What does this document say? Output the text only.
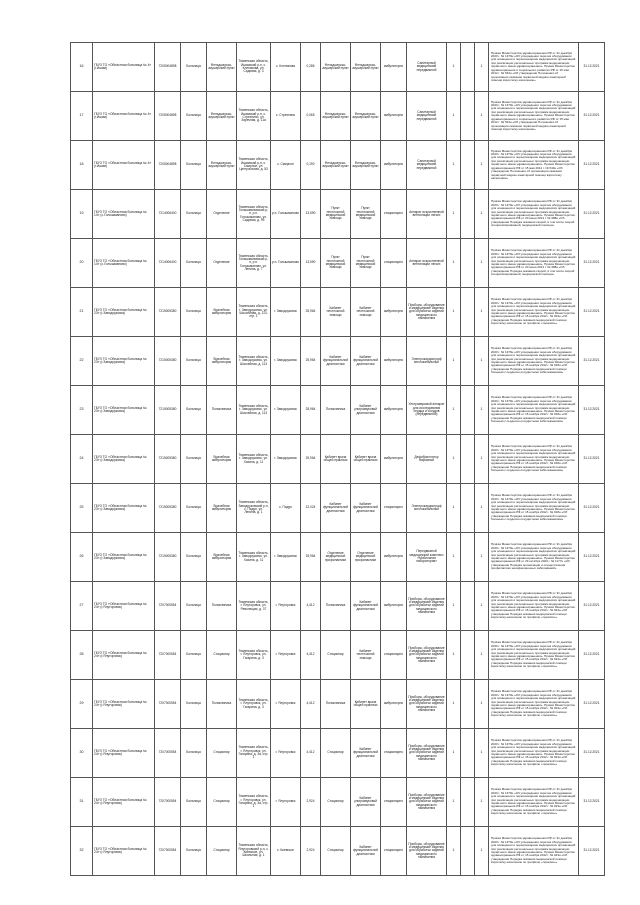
16	ГБУЗ ТО «Областная больница № 4» (г.Ишим)	7205004898	Больница	Фельдшерско-акушерский пункт	Тюменская область, Ишимский р-н, с. Клепикова, ул. Садовая, д. 3	с. Клепикова	0,286	Фельдшерско-акушерский пункт	Фельдшерско-акушерский пункт	амбулаторно	Санитарный медицинский передвижной	1		1	Приказ Министерства здравоохранения РФ от 31 декабря 2020 г. № 1379н «Об утверждении перечня оборудования для оснащения и переоснащения медицинских организаций при реализации региональных программ модернизации первичного звена здравоохранения». Приказ Министерства здравоохранения и социального развития РФ от 15 мая 2012 г. № 543н «Об утверждении Положения об организации оказания первичной медико-санитарной помощи взрослому населению»	31.12.2021
17	ГБУЗ ТО «Областная больница № 4» (г.Ишим)	7205004898	Больница	Фельдшерско-акушерский пункт	Тюменская область, Ишимский р-н, с. Стрехнино, ул. Заречная, д. 11а	с. Стрехнино	0,065	Фельдшерско-акушерский пункт	Фельдшерско-акушерский пункт	амбулаторно	Санитарный медицинский передвижной	1		1	Приказ Министерства здравоохранения РФ от 31 декабря 2020 г. № 1379н «Об утверждении перечня оборудования для оснащения и переоснащения медицинских организаций при реализации региональных программ модернизации первичного звена здравоохранения». Приказ Министерства здравоохранения и социального развития РФ от 15 мая 2012 г. № 543н «Об утверждении Положения об организации оказания первичной медико-санитарной помощи взрослому населению»	31.12.2021
18	ГБУЗ ТО «Областная больница № 4» (г.Ишим)	7205004898	Больница	Фельдшерско-акушерский пункт	Тюменская область, Ишимский р-н, с. Смирное, ул. Центральная, д. 53	с. Смирное	0,190	Фельдшерско-акушерский пункт	Фельдшерско-акушерский пункт	амбулаторно	Санитарный медицинский передвижной	1		1	Приказ Министерства здравоохранения РФ от 31 декабря 2020 г. № 1379н «Об утверждении перечня оборудования для оснащения и переоснащения медицинских организаций при реализации региональных программ модернизации первичного звена здравоохранения». Приказ Министерства здравоохранения РФ от 15 мая 2012 г. № 543н «Об утверждении Положения об организации оказания первичной медико-санитарной помощи взрослому населению»	31.12.2021
19	ГБУЗ ТО «Областная больница № 14» (с.Голышманово)	7214006400	Больница	Отделение	Тюменская область, Голышмановский р-н, р.п. Голышманово, ул. Садовая, д. 99	р.п. Голышманово	13,590	Пункт неотложной медицинской помощи	Пункт неотложной медицинской помощи	стационарно	Аппарат искусственной вентиляции легких	1		1	Приказ Министерства здравоохранения РФ от 31 декабря 2020 г. № 1379н «Об утверждении перечня оборудования для оснащения и переоснащения медицинских организаций при реализации региональных программ модернизации первичного звена здравоохранения». Приказ Министерства здравоохранения РФ от 20 июня 2013 г. № 388н «Об утверждении Порядка оказания скорой, в том числе скорой специализированной, медицинской помощи»	31.12.2021
20	ГБУЗ ТО «Областная больница № 14» (с.Голышманово)	7214006400	Больница	Отделение	Тюменская область, Голышмановский р-н, р.п. Голышманово, ул. Ленина, д. 7	р.п. Голышманово	13,590	Пункт неотложной медицинской помощи	Пункт неотложной медицинской помощи	стационарно	Аппарат искусственной вентиляции легких	1		1	Приказ Министерства здравоохранения РФ от 31 декабря 2020 г. № 1379н «Об утверждении перечня оборудования для оснащения и переоснащения медицинских организаций при реализации региональных программ модернизации первичного звена здравоохранения». Приказ Министерства здравоохранения РФ от 20 июня 2013 г. № 388н «Об утверждении Порядка оказания скорой, в том числе скорой специализированной, медицинской помощи»	31.12.2021
21	ГБУЗ ТО «Областная больница № 23» (г.Заводоуковск)	7215005380	Больница	Врачебная амбулатория	Тюменская область, г. Заводоуковск, ул. Шоссейная, д. 113, стр. 1	г. Заводоуковск	25,964	Кабинет неотложной помощи	Кабинет неотложной помощи	амбулаторно	Приборы, оборудование и медицинские изделия для обработки изделий медицинского назначения	1		1	Приказ Министерства здравоохранения РФ от 31 декабря 2020 г. № 1379н «Об утверждении перечня оборудования для оснащения и переоснащения медицинских организаций при реализации региональных программ модернизации первичного звена здравоохранения». Приказ Министерства здравоохранения РФ от 15 ноября 2012 г. № 923н «Об утверждении Порядка оказания медицинской помощи взрослому населению по профилю «терапия»»	31.12.2021
22	ГБУЗ ТО «Областная больница № 23» (г.Заводоуковск)	7215005380	Больница	Врачебная амбулатория	Тюменская область, г. Заводоуковск, ул. Шоссейная, д. 113	г. Заводоуковск	25,964	Кабинет функциональной диагностики	Кабинет функциональной диагностики	амбулаторно	Электрокардиограф многоканальный	1		1	Приказ Министерства здравоохранения РФ от 31 декабря 2020 г. № 1379н «Об утверждении перечня оборудования для оснащения и переоснащения медицинских организаций при реализации региональных программ модернизации первичного звена здравоохранения». Приказ Министерства здравоохранения РФ от 15 ноября 2012 г. № 918н «Об утверждении Порядка оказания медицинской помощи больным с сердечно-сосудистыми заболеваниями»	31.12.2021
23	ГБУЗ ТО «Областная больница № 23» (г.Заводоуковск)	7215005380	Больница	Поликлиника	Тюменская область, г. Заводоуковск, ул. Шоссейная, д. 113	г. Заводоуковск	25,964	Поликлиника	Кабинет ультразвуковой диагностики	амбулаторно	Ультразвуковой аппарат для исследования сердца и сосудов (передвижной)	1		1	Приказ Министерства здравоохранения РФ от 31 декабря 2020 г. № 1379н «Об утверждении перечня оборудования для оснащения и переоснащения медицинских организаций при реализации региональных программ модернизации первичного звена здравоохранения». Приказ Министерства здравоохранения РФ от 15 ноября 2012 г. № 918н «Об утверждении Порядка оказания медицинской помощи больным с сердечно-сосудистыми заболеваниями»	31.12.2021
24	ГБУЗ ТО «Областная больница № 23» (г.Заводоуковск)	7215005380	Больница	Врачебная амбулатория	Тюменская область, г. Заводоуковск, ул. Хахина, д. 11	г. Заводоуковск	25,964	Кабинет врача общей практики	Кабинет врача общей практики	амбулаторно	Дефибриллятор бифазный	1		1	Приказ Министерства здравоохранения РФ от 31 декабря 2020 г. № 1379н «Об утверждении перечня оборудования для оснащения и переоснащения медицинских организаций при реализации региональных программ модернизации первичного звена здравоохранения». Приказ Министерства здравоохранения РФ от 15 ноября 2012 г. № 918н «Об утверждении Порядка оказания медицинской помощи больным с сердечно-сосудистыми заболеваниями»	31.12.2021
25	ГБУЗ ТО «Областная больница № 23» (г.Заводоуковск)	7215005380	Больница	Врачебная амбулатория	Тюменская область, Заводоуковский р-н, с. Падун, ул. Ленина, д. 1	с. Падун	22,024	Кабинет функциональной диагностики	Кабинет функциональной диагностики	стационарно	Электрокардиограф многоканальный	1		1	Приказ Министерства здравоохранения РФ от 31 декабря 2020 г. № 1379н «Об утверждении перечня оборудования для оснащения и переоснащения медицинских организаций при реализации региональных программ модернизации первичного звена здравоохранения». Приказ Министерства здравоохранения РФ от 15 ноября 2012 г. № 918н «Об утверждении Порядка оказания медицинской помощи больным с сердечно-сосудистыми заболеваниями»	31.12.2021
26	ГБУЗ ТО «Областная больница № 23» (г.Заводоуковск)	7215005380	Больница	Врачебная амбулатория	Тюменская область, г. Заводоуковск, ул. Хахина, д. 11	г. Заводоуковск	25,964	Отделение медицинской профилактики	Отделение медицинской профилактики	амбулаторно	Передвижной медицинский комплекс «Мобильная лаборатория»	1		1	Приказ Министерства здравоохранения РФ от 31 декабря 2020 г. № 1379н «Об утверждении перечня оборудования для оснащения и переоснащения медицинских организаций при реализации региональных программ модернизации первичного звена здравоохранения». Приказ Министерства здравоохранения РФ от 29 октября 2020 г. № 1177н «Об утверждении Порядка организации и осуществления профилактики неинфекционных заболеваний»	31.12.2021
27	ГБУЗ ТО «Областная больница № 24» (г.Ялуторовск)	7207000554	Больница	Поликлиника	Тюменская область, г. Ялуторовск, ул. Революции, д. 37	г. Ялуторовск	4,412	Поликлиника	Кабинет функциональной диагностики	амбулаторно	Приборы, оборудование и медицинские изделия для обработки изделий медицинского назначения	1		1	Приказ Министерства здравоохранения РФ от 31 декабря 2020 г. № 1379н «Об утверждении перечня оборудования для оснащения и переоснащения медицинских организаций при реализации региональных программ модернизации первичного звена здравоохранения». Приказ Министерства здравоохранения РФ от 15 ноября 2012 г. № 923н «Об утверждении Порядка оказания медицинской помощи взрослому населению по профилю «терапия»»	31.12.2021
28	ГБУЗ ТО «Областная больница № 24» (г.Ялуторовск)	7207000554	Больница	Стационар	Тюменская область, г. Ялуторовск, ул. Гагарина, д. 3	г. Ялуторовск	4,412	Стационар	Кабинет неотложной помощи	стационарно	Приборы, оборудование и медицинские изделия для обработки изделий медицинского назначения	1		1	Приказ Министерства здравоохранения РФ от 31 декабря 2020 г. № 1379н «Об утверждении перечня оборудования для оснащения и переоснащения медицинских организаций при реализации региональных программ модернизации первичного звена здравоохранения». Приказ Министерства здравоохранения РФ от 15 ноября 2012 г. № 923н «Об утверждении Порядка оказания медицинской помощи взрослому населению по профилю «терапия»»	31.12.2021
29	ГБУЗ ТО «Областная больница № 24» (г.Ялуторовск)	7207000554	Больница	Поликлиника	Тюменская область, г. Ялуторовск, ул. Гагарина, д. 3	г. Ялуторовск	4,412	Поликлиника	Кабинет врача общей практики	амбулаторно	Приборы, оборудование и медицинские изделия для обработки изделий медицинского назначения	1		1	Приказ Министерства здравоохранения РФ от 31 декабря 2020 г. № 1379н «Об утверждении перечня оборудования для оснащения и переоснащения медицинских организаций при реализации региональных программ модернизации первичного звена здравоохранения». Приказ Министерства здравоохранения РФ от 15 ноября 2012 г. № 923н «Об утверждении Порядка оказания медицинской помощи взрослому населению по профилю «терапия»»	31.12.2021
30	ГБУЗ ТО «Областная больница № 24» (г.Ялуторовск)	7207000554	Больница	Стационар	Тюменская область, г. Ялуторовск, ул. Гагарина, д. 3а, стр. 1	г. Ялуторовск	4,412	Стационар	Кабинет функциональной диагностики	стационарно	Приборы, оборудование и медицинские изделия для обработки изделий медицинского назначения	1		1	Приказ Министерства здравоохранения РФ от 31 декабря 2020 г. № 1379н «Об утверждении перечня оборудования для оснащения и переоснащения медицинских организаций при реализации региональных программ модернизации первичного звена здравоохранения». Приказ Министерства здравоохранения РФ от 15 ноября 2012 г. № 923н «Об утверждении Порядка оказания медицинской помощи взрослому населению по профилю «терапия»»	31.12.2021
31	ГБУЗ ТО «Областная больница № 24» (г.Ялуторовск)	7207000554	Больница	Стационар	Тюменская область, г. Ялуторовск, ул. Гагарина, д. 3а, стр. 1	г. Ялуторовск	2,924	Стационар	Кабинет ультразвуковой диагностики	стационарно	Приборы, оборудование и медицинские изделия для обработки изделий медицинского назначения	1		1	Приказ Министерства здравоохранения РФ от 31 декабря 2020 г. № 1379н «Об утверждении перечня оборудования для оснащения и переоснащения медицинских организаций при реализации региональных программ модернизации первичного звена здравоохранения». Приказ Министерства здравоохранения РФ от 15 ноября 2012 г. № 923н «Об утверждении Порядка оказания медицинской помощи взрослому населению по профилю «терапия»»	31.12.2021
32	ГБУЗ ТО «Областная больница № 24» (г.Ялуторовск)	7207000554	Больница	Стационар	Тюменская область, Ялуторовский р-н, с. Киевское, ул. Школьная, д. 1	с. Киевское	2,924	Стационар	Кабинет функциональной диагностики	стационарно	Приборы, оборудование и медицинские изделия для обработки изделий медицинского назначения	1		1	Приказ Министерства здравоохранения РФ от 31 декабря 2020 г. № 1379н «Об утверждении перечня оборудования для оснащения и переоснащения медицинских организаций при реализации региональных программ модернизации первичного звена здравоохранения». Приказ Министерства здравоохранения РФ от 15 ноября 2012 г. № 923н «Об утверждении Порядка оказания медицинской помощи взрослому населению по профилю «терапия»»	31.12.2021
